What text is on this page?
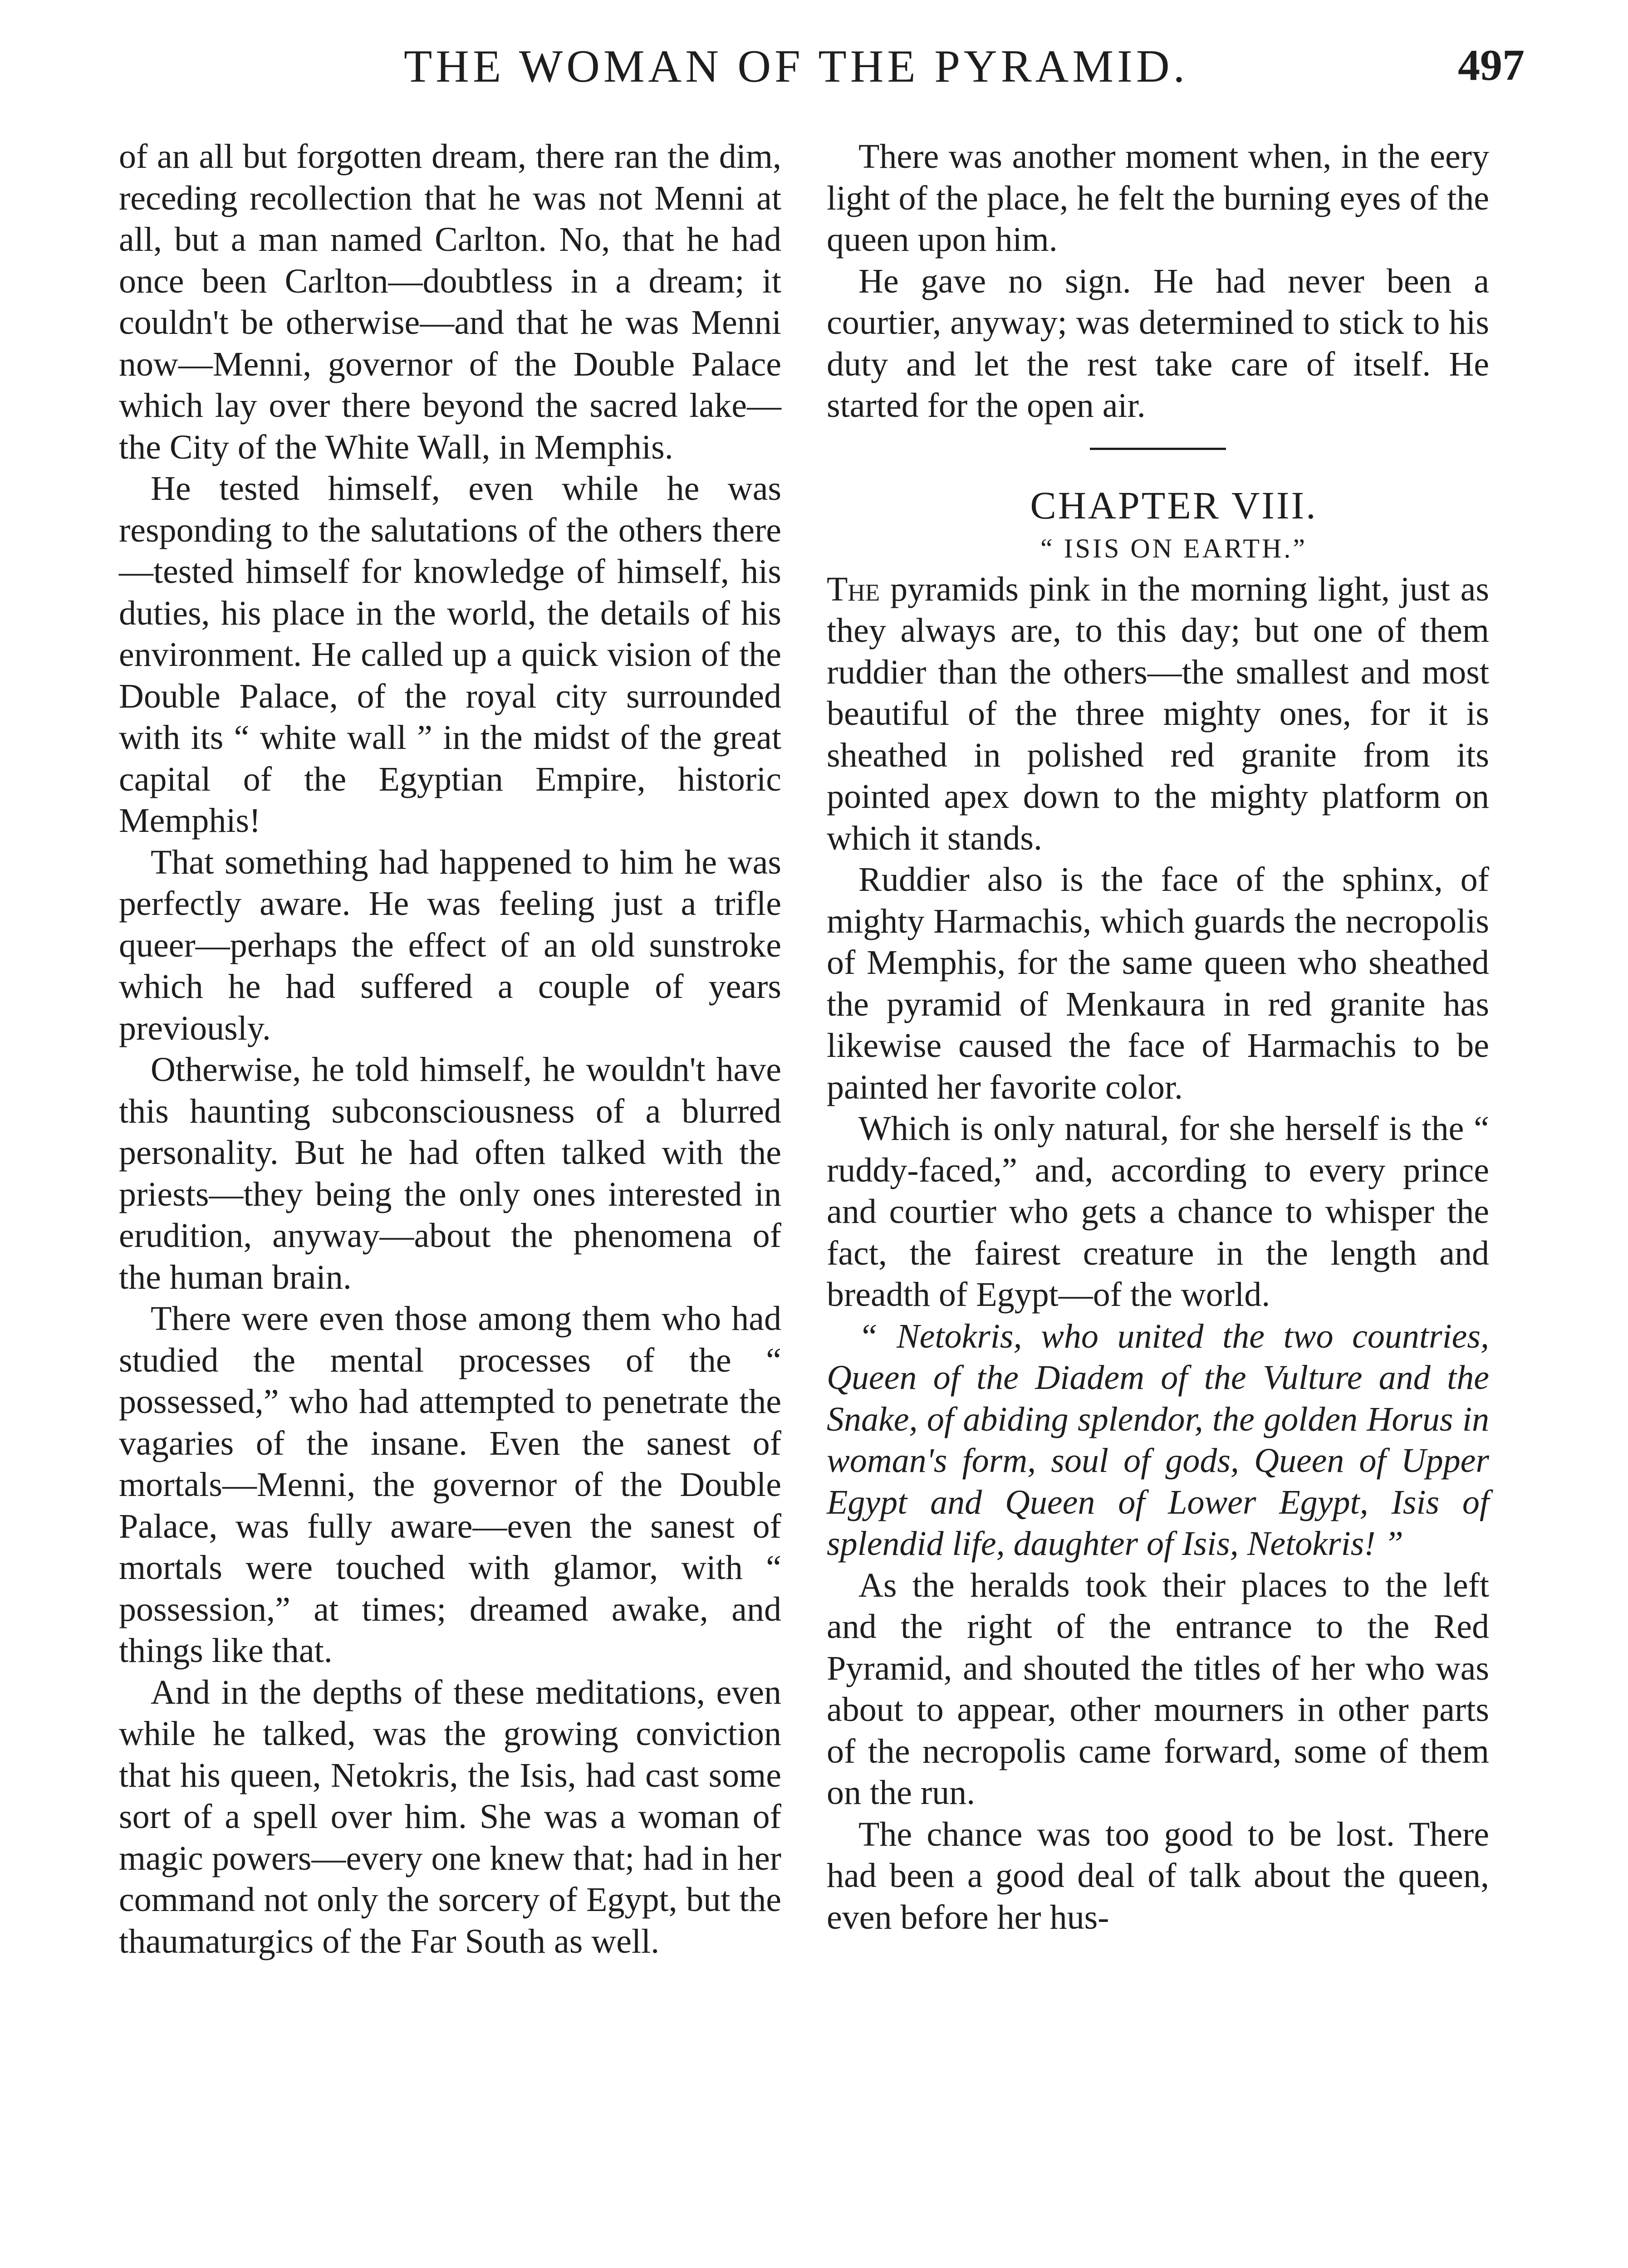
THE WOMAN OF THE PYRAMID.	497

of an all but forgotten dream, there ran the dim, receding recollection that he was not Menni at all, but a man named Carlton. No, that he had once been Carlton—doubtless in a dream; it couldn't be otherwise—and that he was Menni now—Menni, governor of the Double Palace which lay over there beyond the sacred lake—the City of the White Wall, in Memphis.

He tested himself, even while he was responding to the salutations of the others there—tested himself for knowledge of himself, his duties, his place in the world, the details of his environment. He called up a quick vision of the Double Palace, of the royal city surrounded with its “ white wall ” in the midst of the great capital of the Egyptian Empire, historic Memphis!

That something had happened to him he was perfectly aware. He was feeling just a trifle queer—perhaps the effect of an old sunstroke which he had suffered a couple of years previously.

Otherwise, he told himself, he wouldn't have this haunting subconsciousness of a blurred personality. But he had often talked with the priests—they being the only ones interested in erudition, anyway—about the phenomena of the human brain.

There were even those among them who had studied the mental processes of the “ possessed,” who had attempted to penetrate the vagaries of the insane. Even the sanest of mortals—Menni, the governor of the Double Palace, was fully aware—even the sanest of mortals were touched with glamor, with “ possession,” at times; dreamed awake, and things like that.

And in the depths of these meditations, even while he talked, was the growing conviction that his queen, Netokris, the Isis, had cast some sort of a spell over him. She was a woman of magic powers—every one knew that; had in her command not only the sorcery of Egypt, but the thaumaturgics of the Far South as well.

There was another moment when, in the eery light of the place, he felt the burning eyes of the queen upon him.

He gave no sign. He had never been a courtier, anyway; was determined to stick to his duty and let the rest take care of itself. He started for the open air.

CHAPTER VIII.

“ ISIS ON EARTH.”

The pyramids pink in the morning light, just as they always are, to this day; but one of them ruddier than the others—the smallest and most beautiful of the three mighty ones, for it is sheathed in polished red granite from its pointed apex down to the mighty platform on which it stands.

Ruddier also is the face of the sphinx, of mighty Harmachis, which guards the necropolis of Memphis, for the same queen who sheathed the pyramid of Menkaura in red granite has likewise caused the face of Harmachis to be painted her favorite color.

Which is only natural, for she herself is the “ ruddy-faced,” and, according to every prince and courtier who gets a chance to whisper the fact, the fairest creature in the length and breadth of Egypt—of the world.

“ Netokris, who united the two countries, Queen of the Diadem of the Vulture and the Snake, of abiding splendor, the golden Horus in woman's form, soul of gods, Queen of Upper Egypt and Queen of Lower Egypt, Isis of splendid life, daughter of Isis, Netokris! ”

As the heralds took their places to the left and the right of the entrance to the Red Pyramid, and shouted the titles of her who was about to appear, other mourners in other parts of the necropolis came forward, some of them on the run.

The chance was too good to be lost. There had been a good deal of talk about the queen, even before her hus-
